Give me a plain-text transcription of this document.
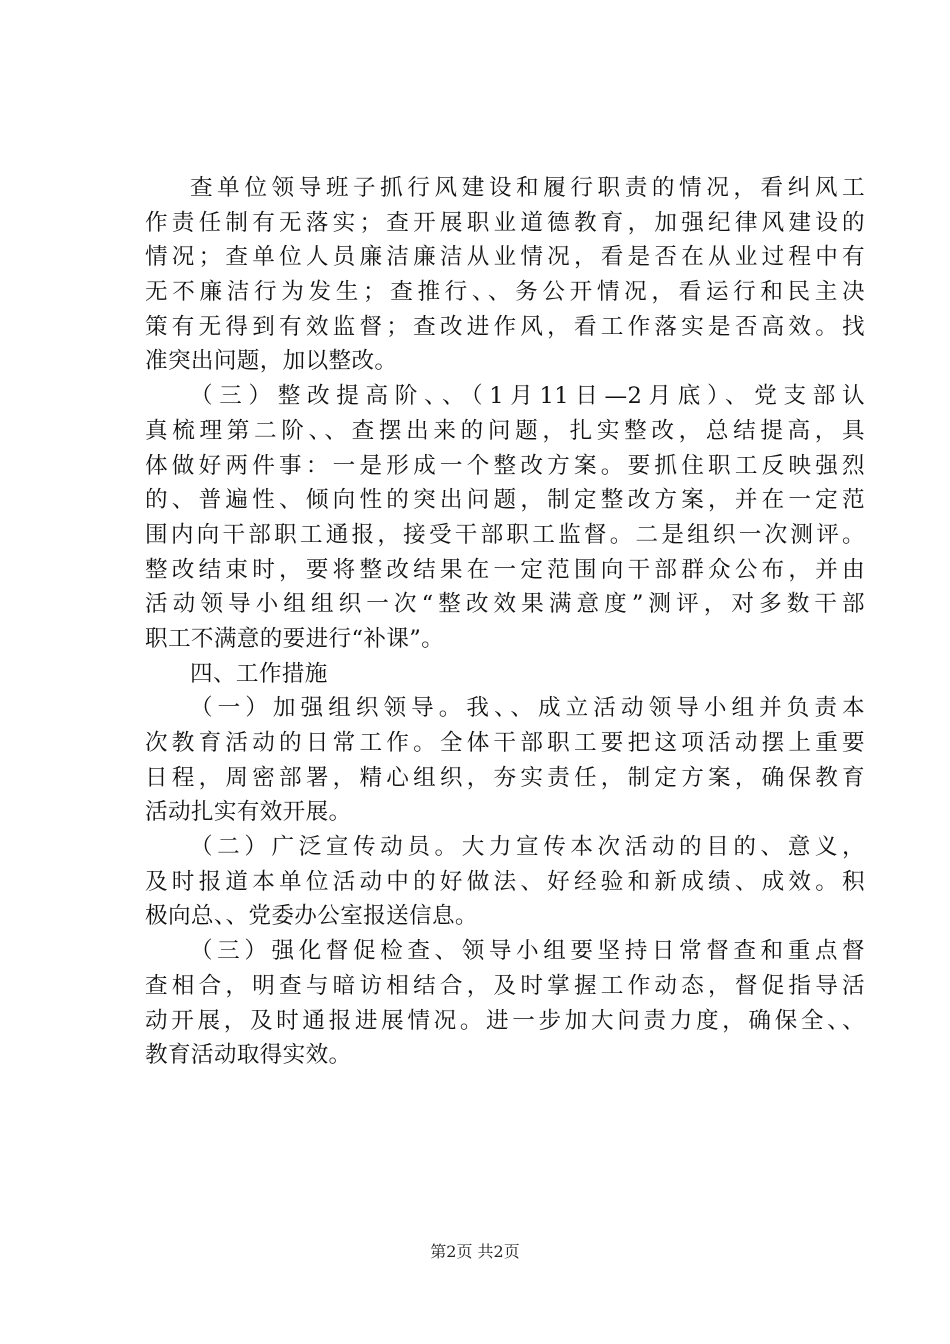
查单位领导班子抓行风建设和履行职责的情况，看纠风工
作责任制有无落实；查开展职业道德教育，加强纪律风建设的
情况；查单位人员廉洁廉洁从业情况，看是否在从业过程中有
无不廉洁行为发生；查推行、、务公开情况，看运行和民主决
策有无得到有效监督；查改进作风，看工作落实是否高效。找
准突出问题，加以整改。
（三）整改提高阶、、（1月11日—2月底）、党支部认
真梳理第二阶、、查摆出来的问题，扎实整改，总结提高，具
体做好两件事：一是形成一个整改方案。要抓住职工反映强烈
的、普遍性、倾向性的突出问题，制定整改方案，并在一定范
围内向干部职工通报，接受干部职工监督。二是组织一次测评。
整改结束时，要将整改结果在一定范围向干部群众公布，并由
活动领导小组组织一次“整改效果满意度”测评，对多数干部
职工不满意的要进行“补课”。
四、工作措施
（一）加强组织领导。我、、成立活动领导小组并负责本
次教育活动的日常工作。全体干部职工要把这项活动摆上重要
日程，周密部署，精心组织，夯实责任，制定方案，确保教育
活动扎实有效开展。
（二）广泛宣传动员。大力宣传本次活动的目的、意义，
及时报道本单位活动中的好做法、好经验和新成绩、成效。积
极向总、、党委办公室报送信息。
（三）强化督促检查、领导小组要坚持日常督查和重点督
查相合，明查与暗访相结合，及时掌握工作动态，督促指导活
动开展，及时通报进展情况。进一步加大问责力度，确保全、、
教育活动取得实效。
第2页 共2页
